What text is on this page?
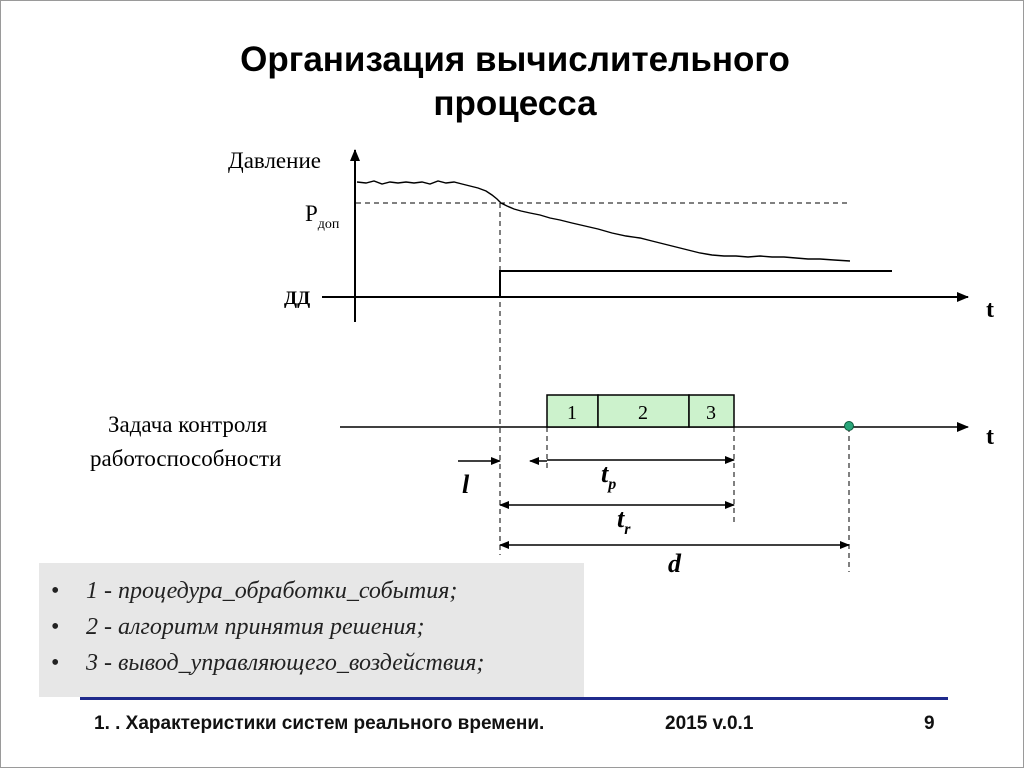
Организация вычислительного
процесса
Давление
$P_{доп}$
ДД	t
Задача контроля
работоспособности
t
1	2	3
l	$t_p$
$t_r$
d
• 1 - процедура_обработки_события;
• 2 - алгоритм принятия решения;
• 3 - вывод_управляющего_воздействия;
1. . Характеристики систем реального времени.	2015 v.0.1	9
